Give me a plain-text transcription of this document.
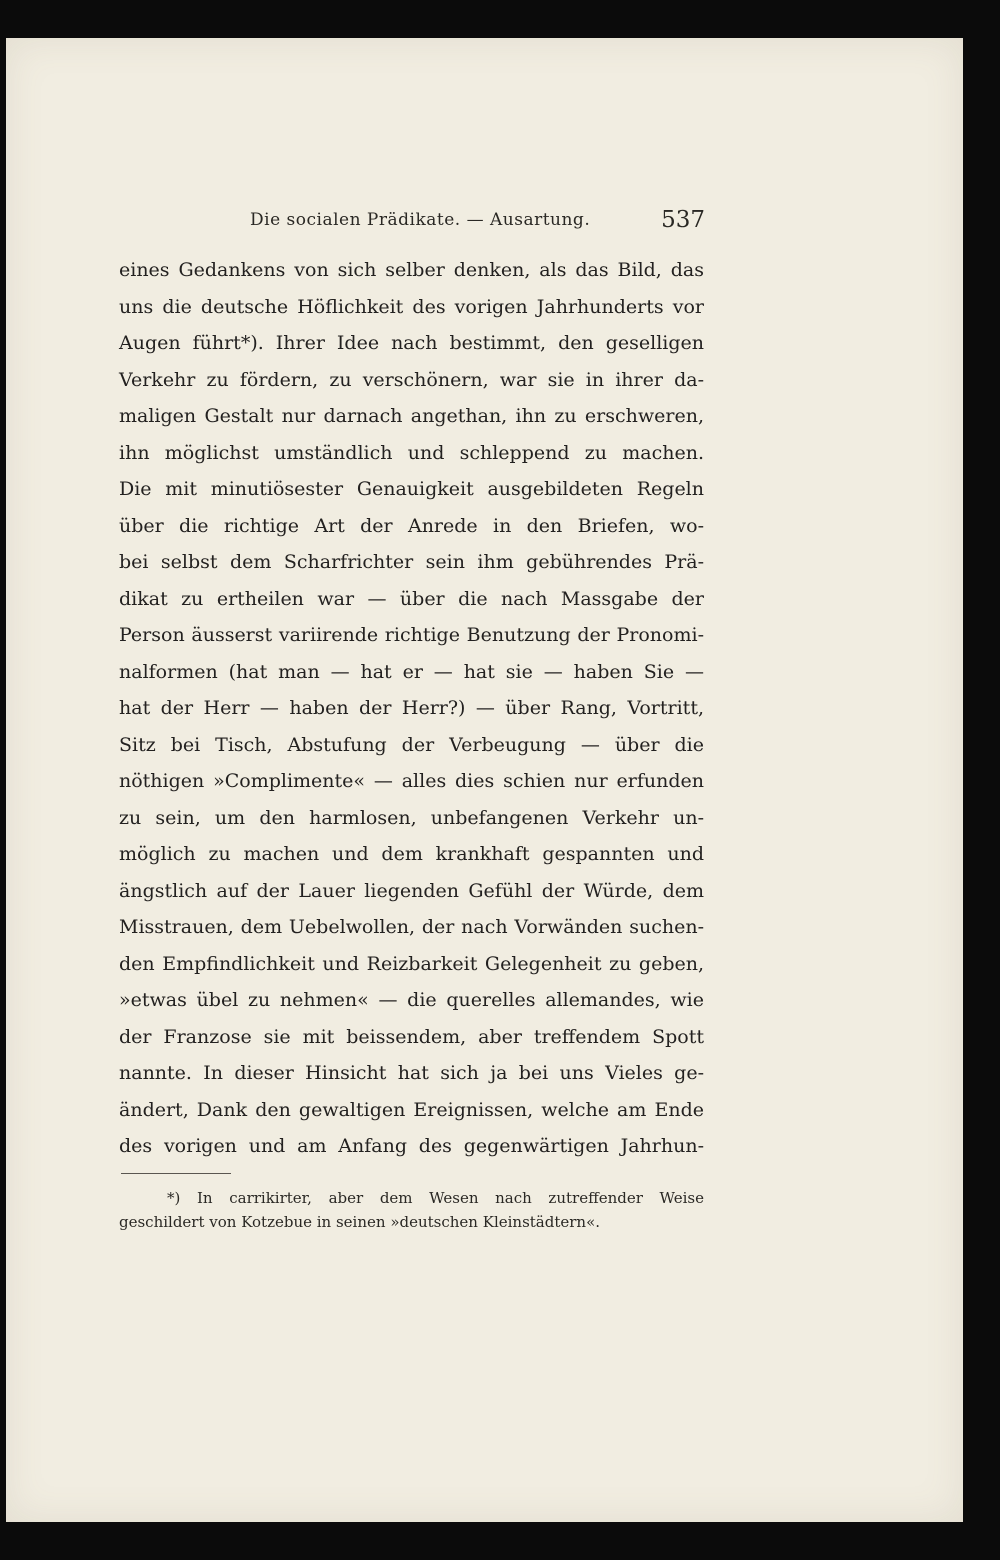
Die socialen Prädikate. — Ausartung.	537
eines Gedankens von sich selber denken, als das Bild, das
uns die deutsche Höflichkeit des vorigen Jahrhunderts vor
Augen führt*). Ihrer Idee nach bestimmt, den geselligen
Verkehr zu fördern, zu verschönern, war sie in ihrer da-
maligen Gestalt nur darnach angethan, ihn zu erschweren,
ihn möglichst umständlich und schleppend zu machen.
Die mit minutiösester Genauigkeit ausgebildeten Regeln
über die richtige Art der Anrede in den Briefen, wo-
bei selbst dem Scharfrichter sein ihm gebührendes Prä-
dikat zu ertheilen war — über die nach Massgabe der
Person äusserst variirende richtige Benutzung der Pronomi-
nalformen (hat man — hat er — hat sie — haben Sie —
hat der Herr — haben der Herr?) — über Rang, Vortritt,
Sitz bei Tisch, Abstufung der Verbeugung — über die
nöthigen »Complimente« — alles dies schien nur erfunden
zu sein, um den harmlosen, unbefangenen Verkehr un-
möglich zu machen und dem krankhaft gespannten und
ängstlich auf der Lauer liegenden Gefühl der Würde, dem
Misstrauen, dem Uebelwollen, der nach Vorwänden suchen-
den Empfindlichkeit und Reizbarkeit Gelegenheit zu geben,
»etwas übel zu nehmen« — die querelles allemandes, wie
der Franzose sie mit beissendem, aber treffendem Spott
nannte. In dieser Hinsicht hat sich ja bei uns Vieles ge-
ändert, Dank den gewaltigen Ereignissen, welche am Ende
des vorigen und am Anfang des gegenwärtigen Jahrhun-
*) In carrikirter, aber dem Wesen nach zutreffender Weise
geschildert von Kotzebue in seinen »deutschen Kleinstädtern«.
